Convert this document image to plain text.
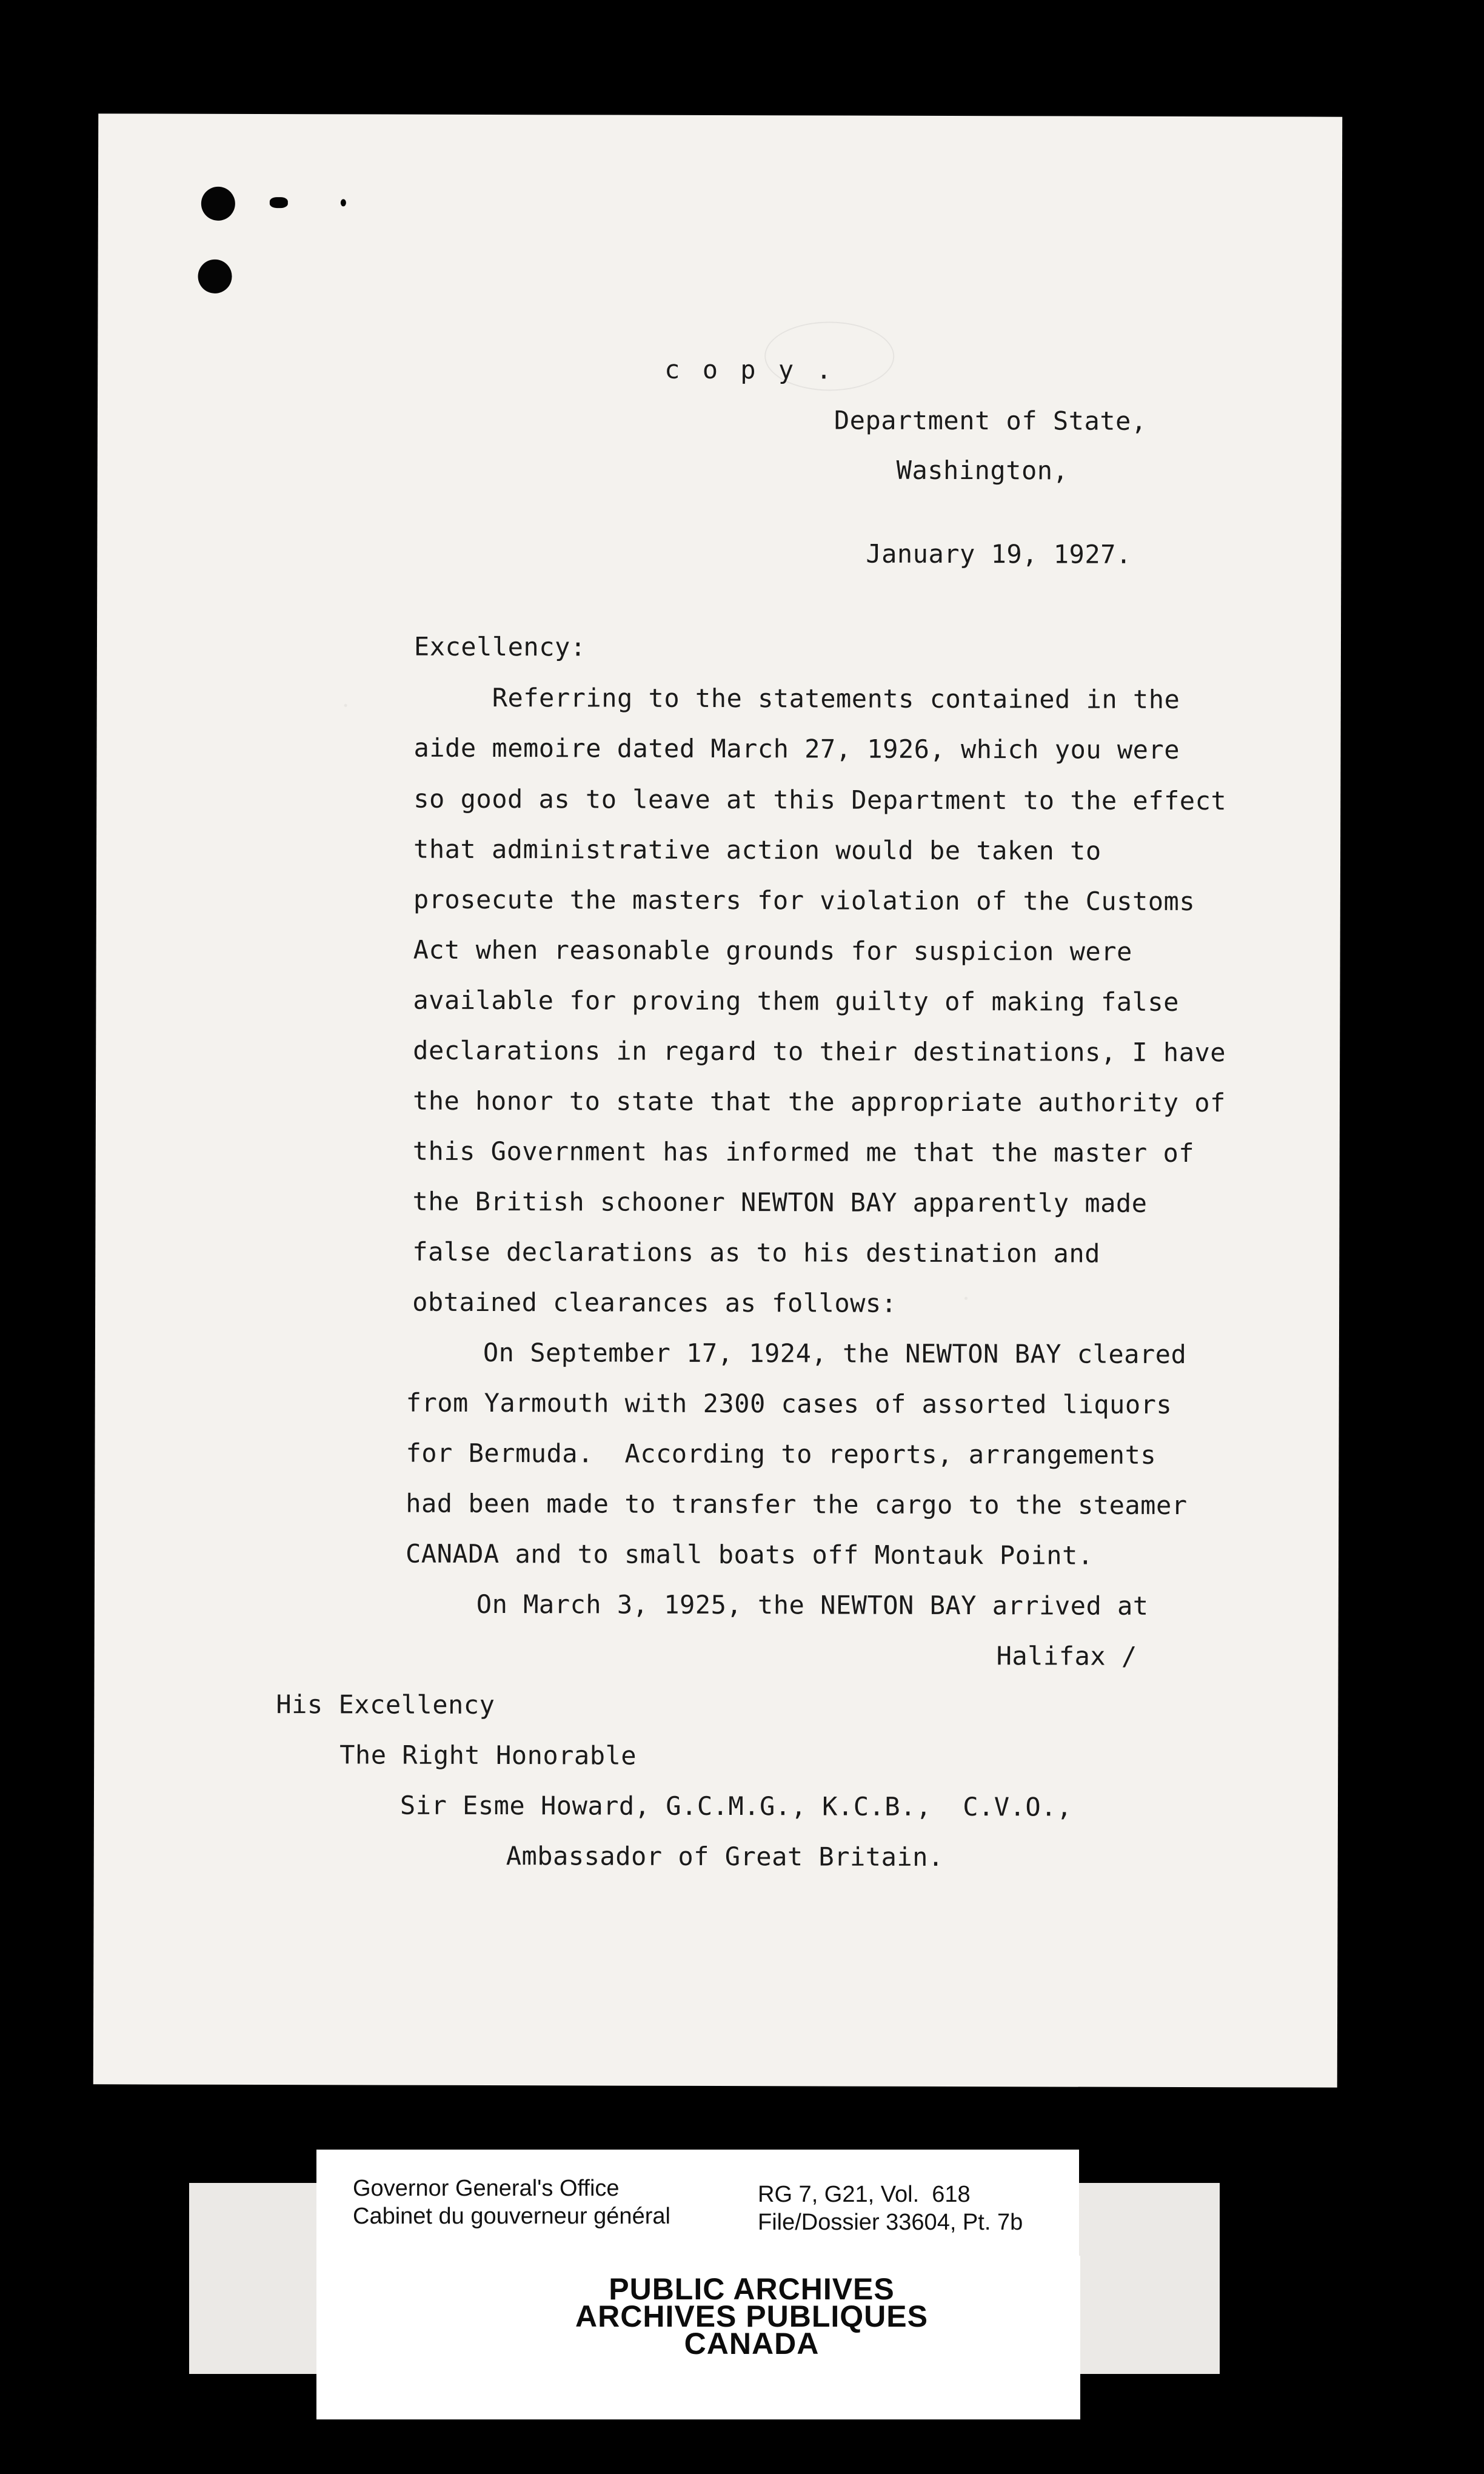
c o p y .
Department of State,
Washington,
January 19, 1927.
Excellency:
Referring to the statements contained in the
aide memoire dated March 27, 1926, which you were
so good as to leave at this Department to the effect
that administrative action would be taken to
prosecute the masters for violation of the Customs
Act when reasonable grounds for suspicion were
available for proving them guilty of making false
declarations in regard to their destinations, I have
the honor to state that the appropriate authority of
this Government has informed me that the master of
the British schooner NEWTON BAY apparently made
false declarations as to his destination and
obtained clearances as follows:
On September 17, 1924, the NEWTON BAY cleared
from Yarmouth with 2300 cases of assorted liquors
for Bermuda.  According to reports, arrangements
had been made to transfer the cargo to the steamer
CANADA and to small boats off Montauk Point.
On March 3, 1925, the NEWTON BAY arrived at
Halifax /
His Excellency
The Right Honorable
Sir Esme Howard, G.C.M.G., K.C.B.,  C.V.O.,
Ambassador of Great Britain.
Governor General's Office
Cabinet du gouverneur général
RG 7, G21, Vol.  618
File/Dossier 33604, Pt. 7b
PUBLIC ARCHIVES
ARCHIVES PUBLIQUES
CANADA
